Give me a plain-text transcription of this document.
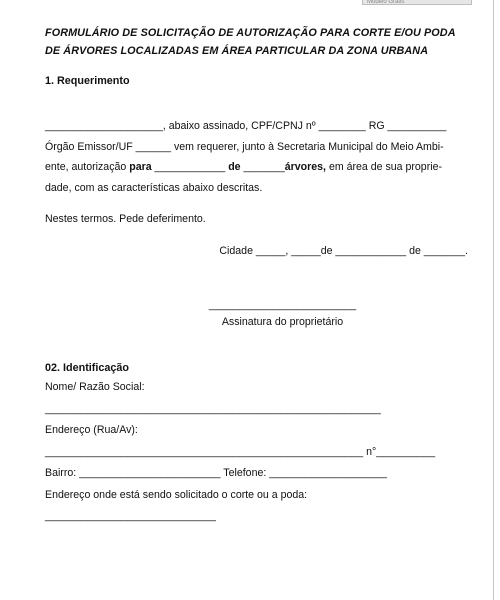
Modelo Grátis
FORMULÁRIO DE SOLICITAÇÃO DE AUTORIZAÇÃO PARA CORTE E/OU PODA
DE ÁRVORES LOCALIZADAS EM ÁREA PARTICULAR DA ZONA URBANA
1. Requerimento
____________________, abaixo assinado, CPF/CPNJ nº ________ RG __________
Órgão Emissor/UF ______ vem requerer, junto à Secretaria Municipal do Meio Ambi-
ente, autorização para ____________ de _______árvores, em área de sua proprie-
dade, com as características abaixo descritas.
Nestes termos. Pede deferimento.
Cidade _____, _____de ____________ de _______.
_________________________
Assinatura do proprietário
02. Identificação
Nome/ Razão Social:
_________________________________________________________
Endereço (Rua/Av):
______________________________________________________ n°__________
Bairro: ________________________ Telefone: ____________________
Endereço onde está sendo solicitado o corte ou a poda:
_____________________________
